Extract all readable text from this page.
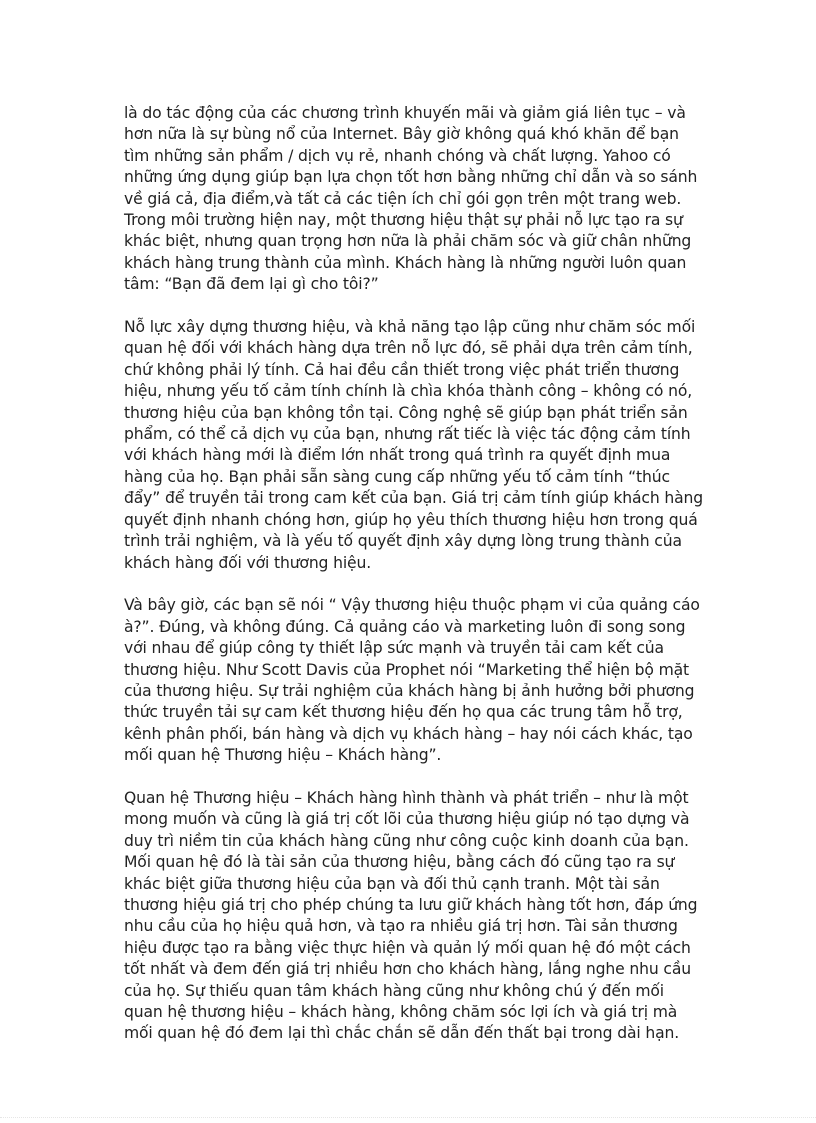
là do tác động của các chương trình khuyến mãi và giảm giá liên tục – và hơn nữa là sự bùng nổ của Internet. Bây giờ không quá khó khăn để bạn tìm những sản phẩm / dịch vụ rẻ, nhanh chóng và chất lượng. Yahoo có những ứng dụng giúp bạn lựa chọn tốt hơn bằng những chỉ dẫn và so sánh về giá cả, địa điểm,và tất cả các tiện ích chỉ gói gọn trên một trang web. Trong môi trường hiện nay, một thương hiệu thật sự phải nỗ lực tạo ra sự khác biệt, nhưng quan trọng hơn nữa là phải chăm sóc và giữ chân những khách hàng trung thành của mình. Khách hàng là những người luôn quan tâm: “Bạn đã đem lại gì cho tôi?”

Nỗ lực xây dựng thương hiệu, và khả năng tạo lập cũng như chăm sóc mối quan hệ đối với khách hàng dựa trên nỗ lực đó, sẽ phải dựa trên cảm tính, chứ không phải lý tính. Cả hai đều cần thiết trong việc phát triển thương hiệu, nhưng yếu tố cảm tính chính là chìa khóa thành công – không có nó, thương hiệu của bạn không tồn tại. Công nghệ sẽ giúp bạn phát triển sản phẩm, có thể cả dịch vụ của bạn, nhưng rất tiếc là việc tác động cảm tính với khách hàng mới là điểm lớn nhất trong quá trình ra quyết định mua hàng của họ. Bạn phải sẵn sàng cung cấp những yếu tố cảm tính “thúc đẩy” để truyền tải trong cam kết của bạn. Giá trị cảm tính giúp khách hàng quyết định nhanh chóng hơn, giúp họ yêu thích thương hiệu hơn trong quá trình trải nghiệm, và là yếu tố quyết định xây dựng lòng trung thành của khách hàng đối với thương hiệu.

Và bây giờ, các bạn sẽ nói “ Vậy thương hiệu thuộc phạm vi của quảng cáo à?”. Đúng, và không đúng. Cả quảng cáo và marketing luôn đi song song với nhau để giúp công ty thiết lập sức mạnh và truyền tải cam kết của thương hiệu. Như Scott Davis của Prophet nói “Marketing thể hiện bộ mặt của thương hiệu. Sự trải nghiệm của khách hàng bị ảnh hưởng bởi phương thức truyền tải sự cam kết thương hiệu đến họ qua các trung tâm hỗ trợ, kênh phân phối, bán hàng và dịch vụ khách hàng – hay nói cách khác, tạo mối quan hệ Thương hiệu – Khách hàng”.

Quan hệ Thương hiệu – Khách hàng hình thành và phát triển – như là một mong muốn và cũng là giá trị cốt lõi của thương hiệu giúp nó tạo dựng và duy trì niềm tin của khách hàng cũng như công cuộc kinh doanh của bạn. Mối quan hệ đó là tài sản của thương hiệu, bằng cách đó cũng tạo ra sự khác biệt giữa thương hiệu của bạn và đối thủ cạnh tranh. Một tài sản thương hiệu giá trị cho phép chúng ta lưu giữ khách hàng tốt hơn, đáp ứng nhu cầu của họ hiệu quả hơn, và tạo ra nhiều giá trị hơn. Tài sản thương hiệu được tạo ra bằng việc thực hiện và quản lý mối quan hệ đó một cách tốt nhất và đem đến giá trị nhiều hơn cho khách hàng, lắng nghe nhu cầu của họ. Sự thiếu quan tâm khách hàng cũng như không chú ý đến mối quan hệ thương hiệu – khách hàng, không chăm sóc lợi ích và giá trị mà mối quan hệ đó đem lại thì chắc chắn sẽ dẫn đến thất bại trong dài hạn.
